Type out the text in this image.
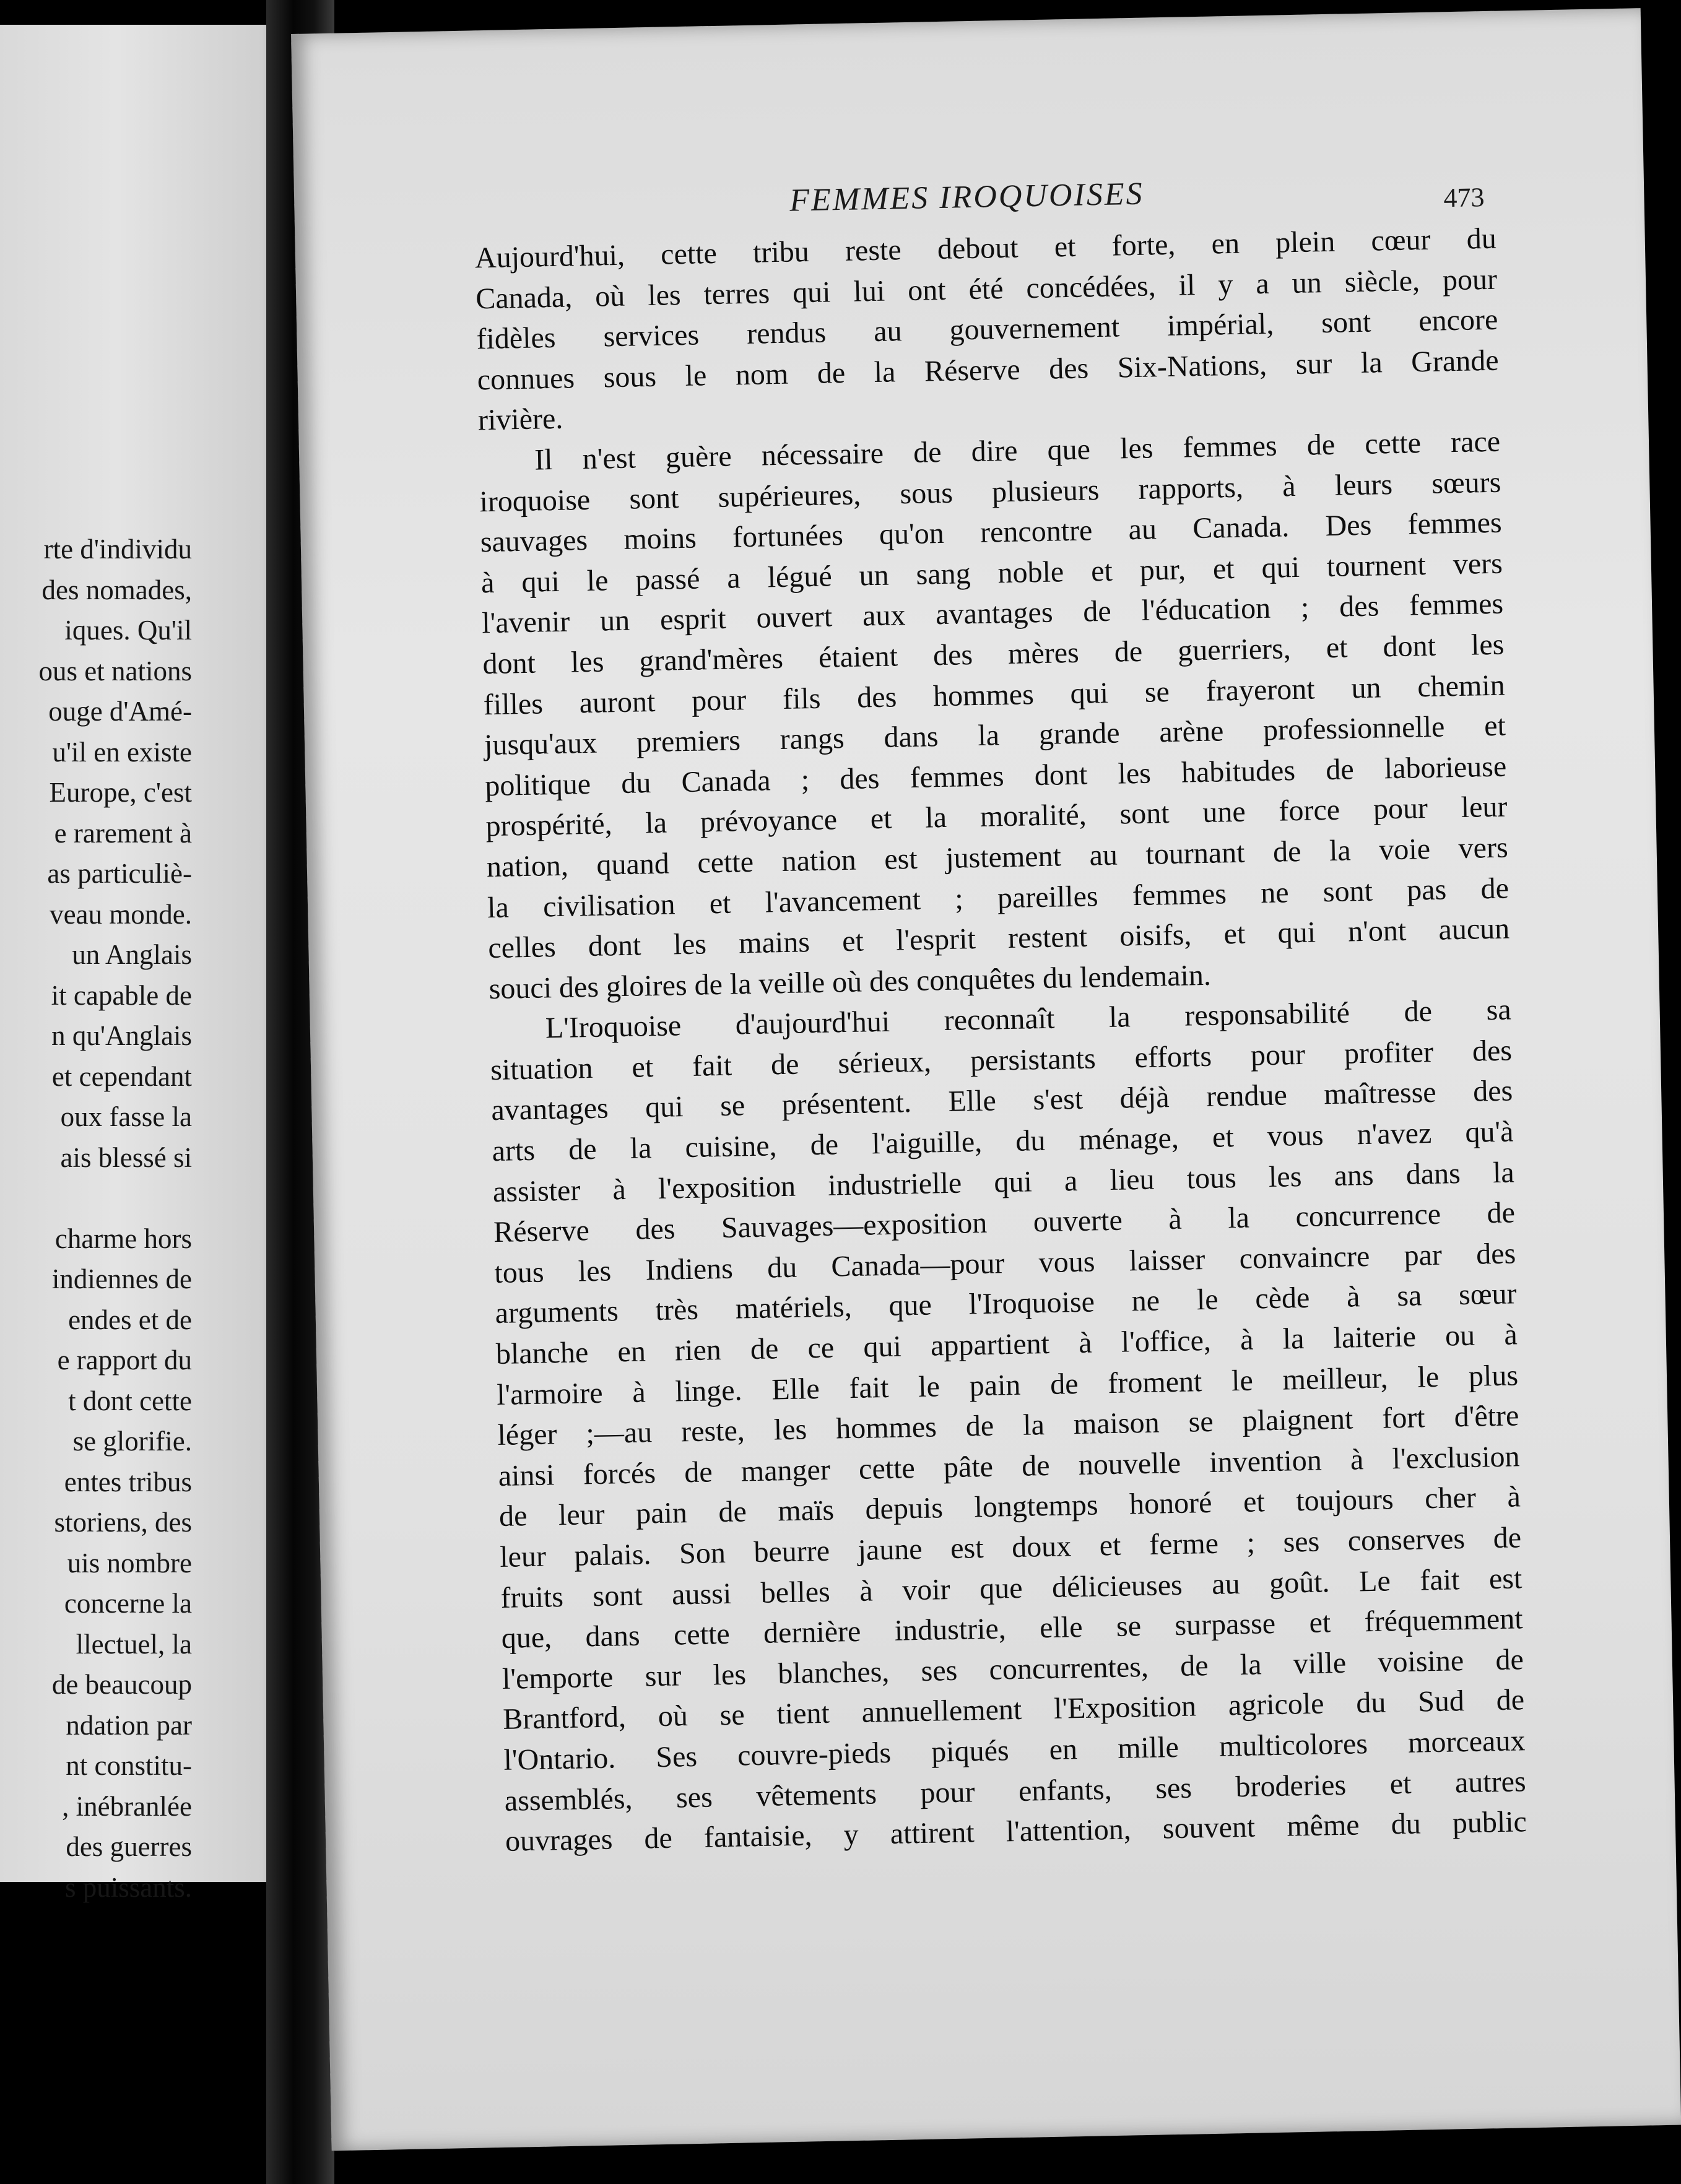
rte d'individu
des nomades,
iques. Qu'il
ous et nations
ouge d'Amé-
u'il en existe
Europe, c'est
e rarement à
as particuliè-
veau monde.
un Anglais
it capable de
n qu'Anglais
et cependant
oux fasse la
ais blessé si
charme hors
indiennes de
endes et de
e rapport du
t dont cette
se glorifie.
entes tribus
storiens, des
uis nombre
concerne la
llectuel, la
de beaucoup
ndation par
nt constitu-
, inébranlée
des guerres
s puissants.
FEMMES IROQUOISES	473
Aujourd'hui, cette tribu reste debout et forte, en plein cœur du
Canada, où les terres qui lui ont été concédées, il y a un siècle, pour
fidèles services rendus au gouvernement impérial, sont encore
connues sous le nom de la Réserve des Six-Nations, sur la Grande
rivière.
Il n'est guère nécessaire de dire que les femmes de cette race
iroquoise sont supérieures, sous plusieurs rapports, à leurs sœurs
sauvages moins fortunées qu'on rencontre au Canada. Des femmes
à qui le passé a légué un sang noble et pur, et qui tournent vers
l'avenir un esprit ouvert aux avantages de l'éducation ; des femmes
dont les grand'mères étaient des mères de guerriers, et dont les
filles auront pour fils des hommes qui se frayeront un chemin
jusqu'aux premiers rangs dans la grande arène professionnelle et
politique du Canada ; des femmes dont les habitudes de laborieuse
prospérité, la prévoyance et la moralité, sont une force pour leur
nation, quand cette nation est justement au tournant de la voie vers
la civilisation et l'avancement ; pareilles femmes ne sont pas de
celles dont les mains et l'esprit restent oisifs, et qui n'ont aucun
souci des gloires de la veille où des conquêtes du lendemain.
L'Iroquoise d'aujourd'hui reconnaît la responsabilité de sa
situation et fait de sérieux, persistants efforts pour profiter des
avantages qui se présentent. Elle s'est déjà rendue maîtresse des
arts de la cuisine, de l'aiguille, du ménage, et vous n'avez qu'à
assister à l'exposition industrielle qui a lieu tous les ans dans la
Réserve des Sauvages—exposition ouverte à la concurrence de
tous les Indiens du Canada—pour vous laisser convaincre par des
arguments très matériels, que l'Iroquoise ne le cède à sa sœur
blanche en rien de ce qui appartient à l'office, à la laiterie ou à
l'armoire à linge. Elle fait le pain de froment le meilleur, le plus
léger ;—au reste, les hommes de la maison se plaignent fort d'être
ainsi forcés de manger cette pâte de nouvelle invention à l'exclusion
de leur pain de maïs depuis longtemps honoré et toujours cher à
leur palais. Son beurre jaune est doux et ferme ; ses conserves de
fruits sont aussi belles à voir que délicieuses au goût. Le fait est
que, dans cette dernière industrie, elle se surpasse et fréquemment
l'emporte sur les blanches, ses concurrentes, de la ville voisine de
Brantford, où se tient annuellement l'Exposition agricole du Sud de
l'Ontario. Ses couvre-pieds piqués en mille multicolores morceaux
assemblés, ses vêtements pour enfants, ses broderies et autres
ouvrages de fantaisie, y attirent l'attention, souvent même du public
